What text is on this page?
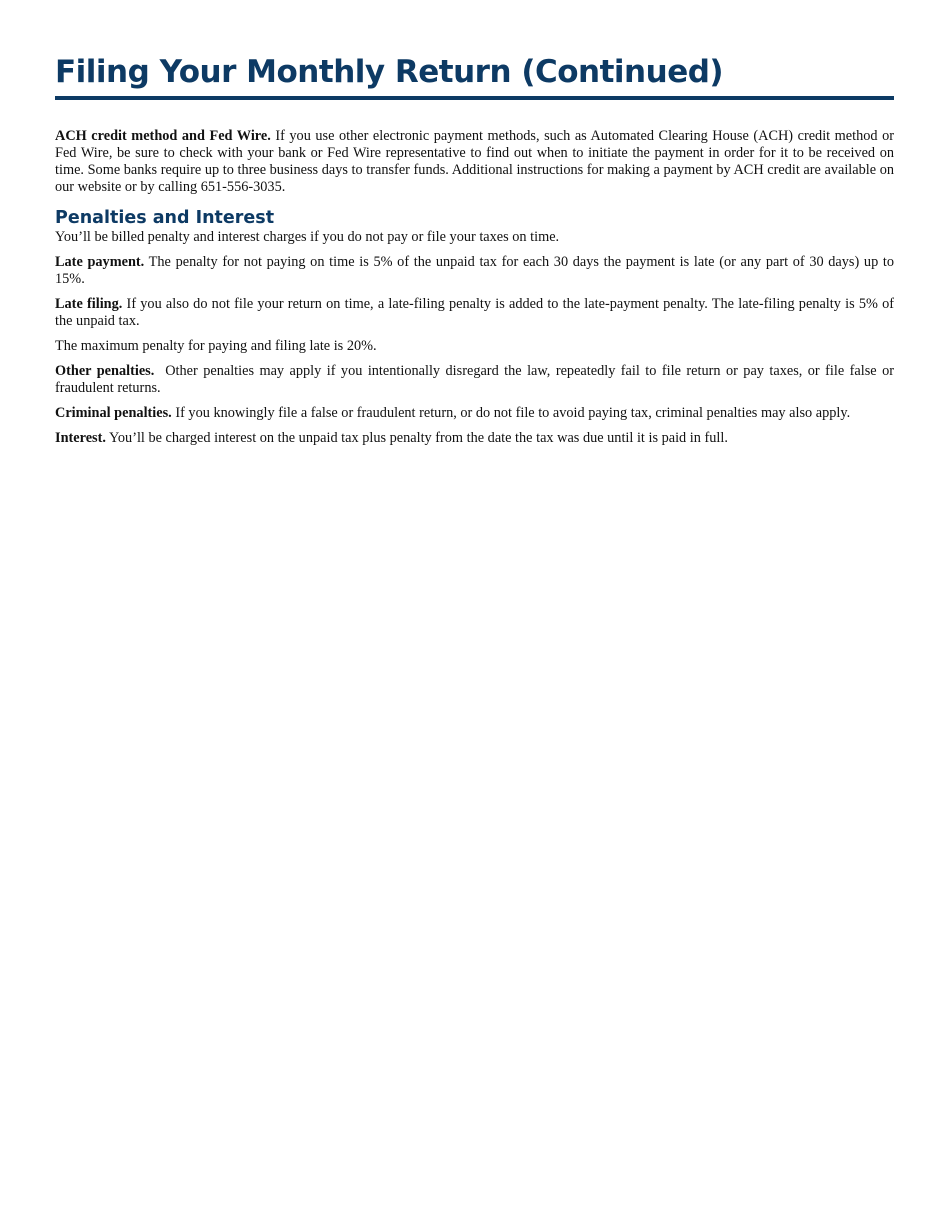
Filing Your Monthly Return (Continued)

ACH credit method and Fed Wire. If you use other electronic payment methods, such as Automated Clearing House (ACH) credit method or Fed Wire, be sure to check with your bank or Fed Wire representative to find out when to initiate the payment in order for it to be received on time. Some banks require up to three business days to transfer funds. Additional instructions for making a payment by ACH credit are available on our website or by calling 651-556-3035.

Penalties and Interest

You’ll be billed penalty and interest charges if you do not pay or file your taxes on time.

Late payment. The penalty for not paying on time is 5% of the unpaid tax for each 30 days the payment is late (or any part of 30 days) up to 15%.

Late filing. If you also do not file your return on time, a late-filing penalty is added to the late-payment penalty. The late-filing penalty is 5% of the unpaid tax.

The maximum penalty for paying and filing late is 20%.

Other penalties.  Other penalties may apply if you intentionally disregard the law, repeatedly fail to file return or pay taxes, or file false or fraudulent returns.

Criminal penalties. If you knowingly file a false or fraudulent return, or do not file to avoid paying tax, criminal penalties may also apply.

Interest. You’ll be charged interest on the unpaid tax plus penalty from the date the tax was due until it is paid in full.
